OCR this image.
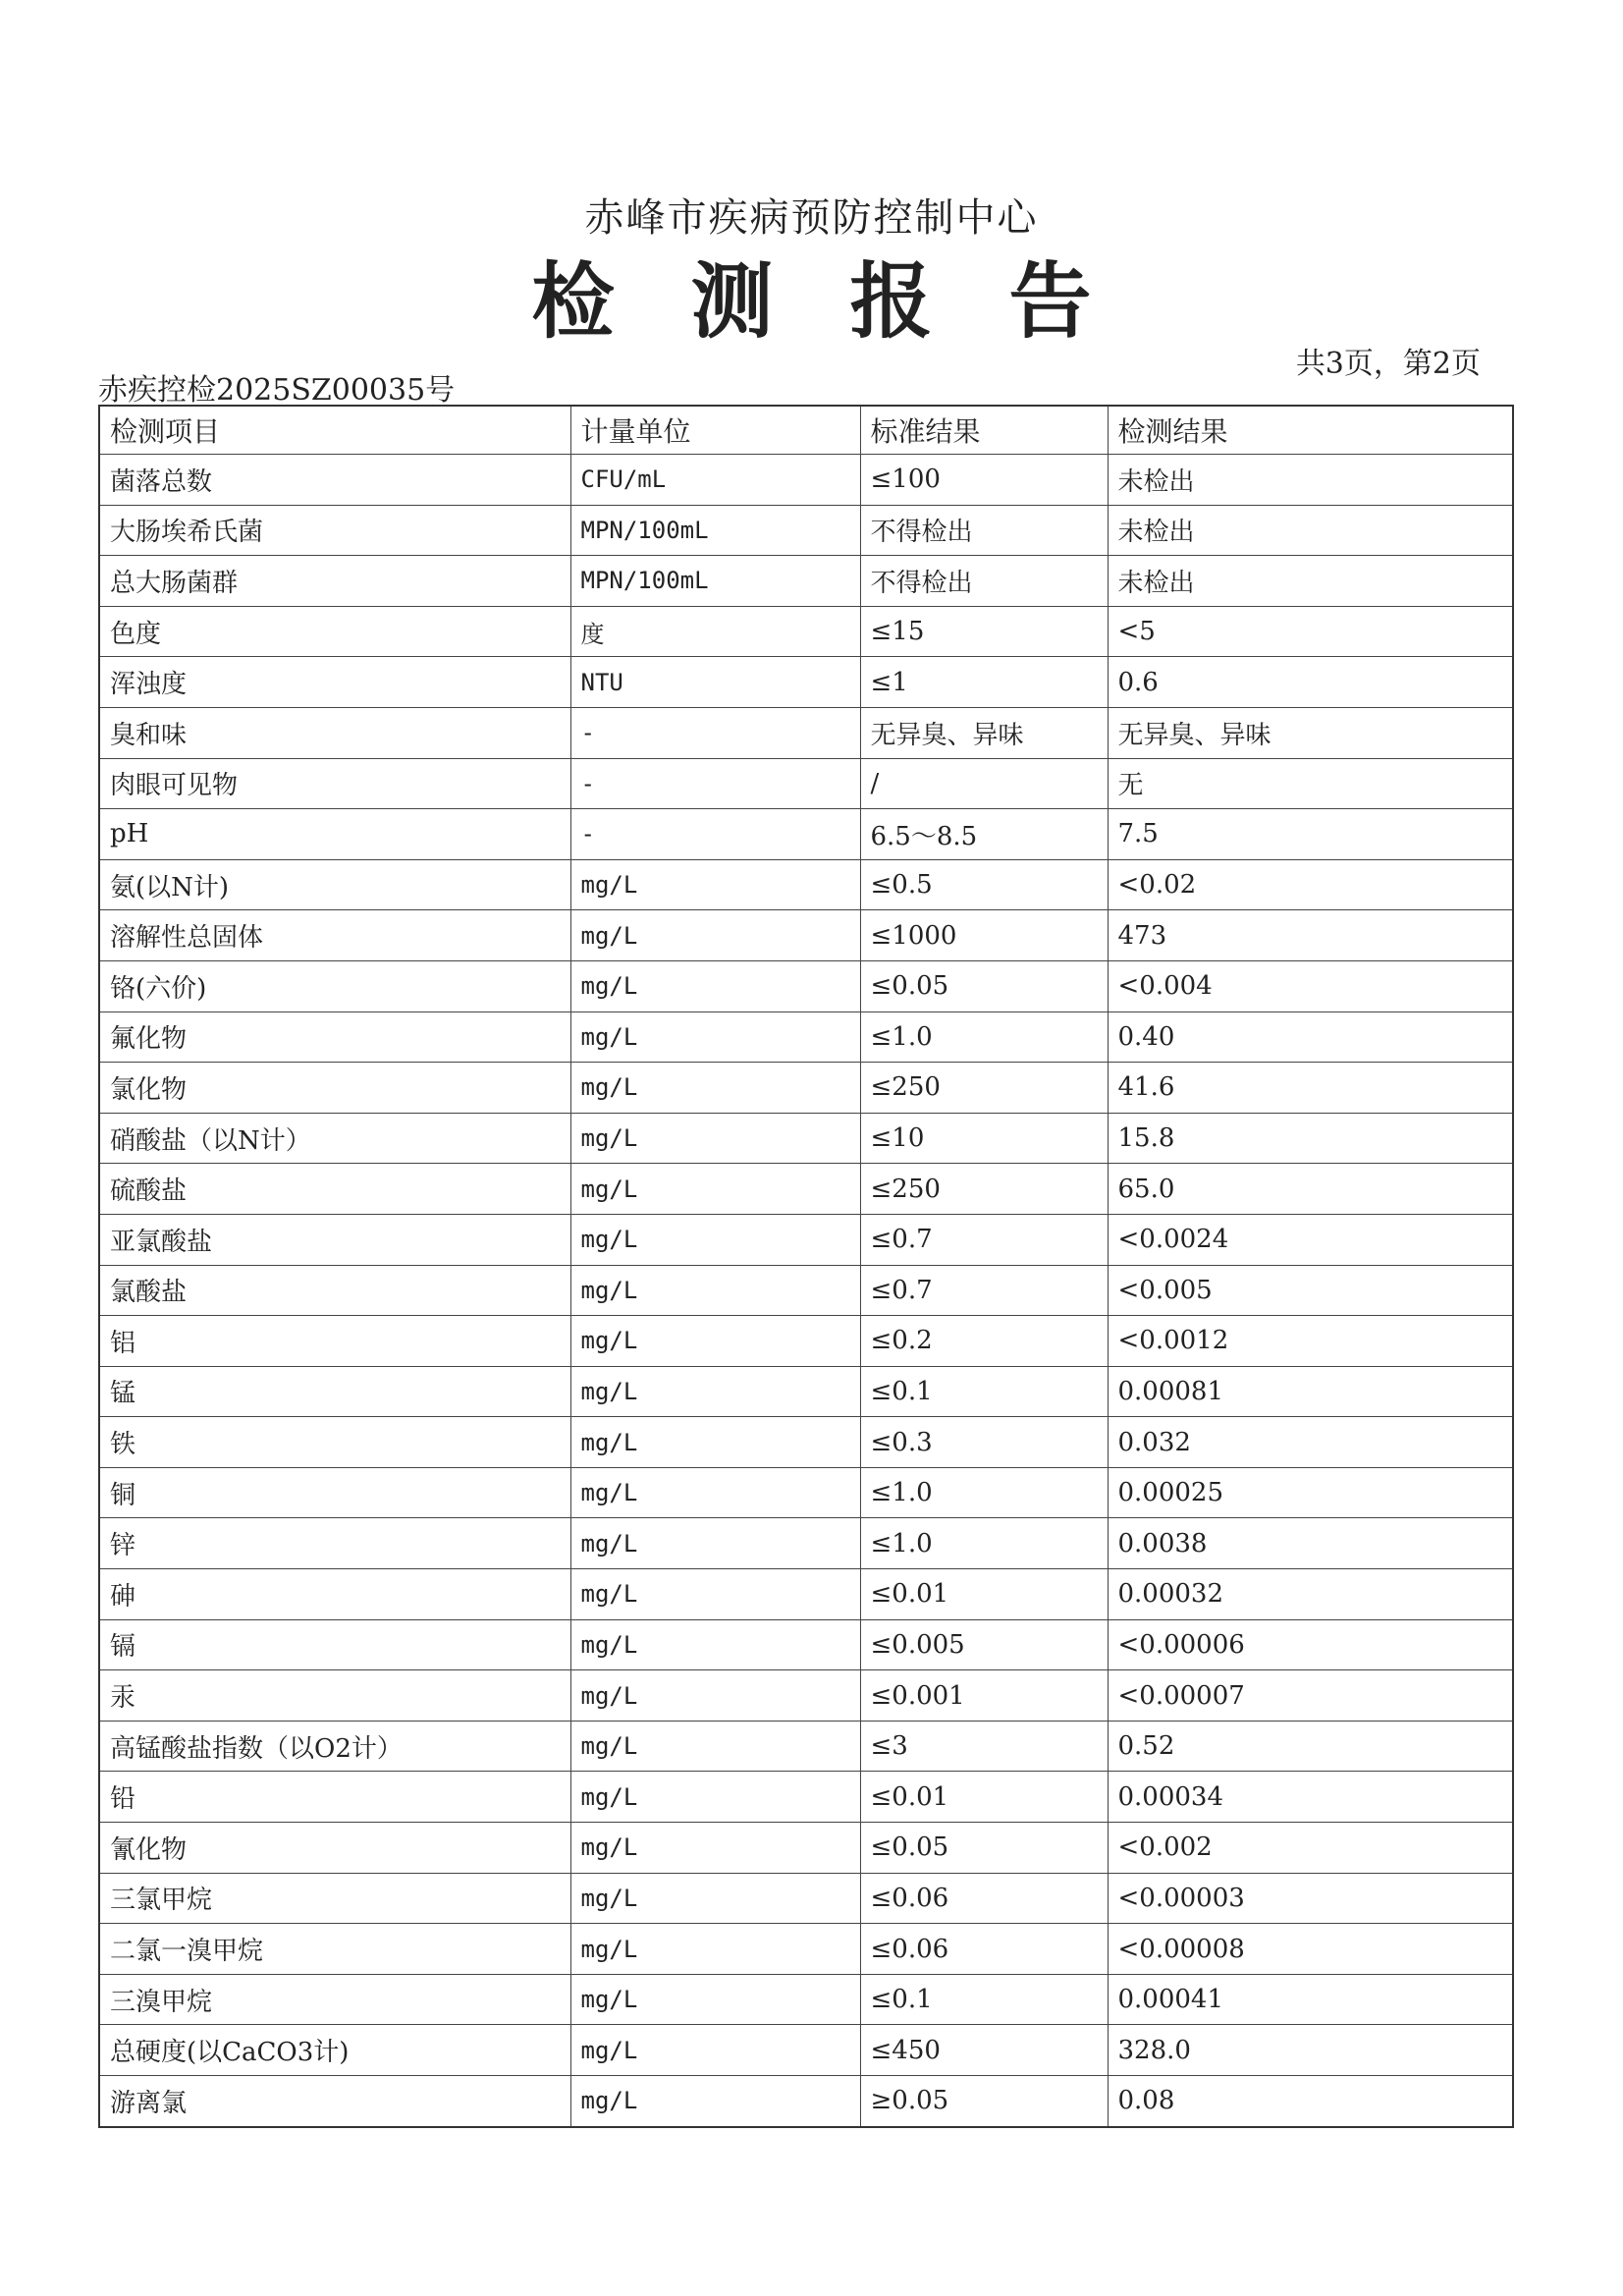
赤峰市疾病预防控制中心
检测报告
共3页，第2页
赤疾控检2025SZ00035号
检测项目	计量单位	标准结果	检测结果
菌落总数	CFU/mL	≤100	未检出
大肠埃希氏菌	MPN/100mL	不得检出	未检出
总大肠菌群	MPN/100mL	不得检出	未检出
色度	度	≤15	<5
浑浊度	NTU	≤1	0.6
臭和味	-	无异臭、异味	无异臭、异味
肉眼可见物	-	/	无
pH	-	6.5～8.5	7.5
氨(以N计)	mg/L	≤0.5	<0.02
溶解性总固体	mg/L	≤1000	473
铬(六价)	mg/L	≤0.05	<0.004
氟化物	mg/L	≤1.0	0.40
氯化物	mg/L	≤250	41.6
硝酸盐（以N计）	mg/L	≤10	15.8
硫酸盐	mg/L	≤250	65.0
亚氯酸盐	mg/L	≤0.7	<0.0024
氯酸盐	mg/L	≤0.7	<0.005
铝	mg/L	≤0.2	<0.0012
锰	mg/L	≤0.1	0.00081
铁	mg/L	≤0.3	0.032
铜	mg/L	≤1.0	0.00025
锌	mg/L	≤1.0	0.0038
砷	mg/L	≤0.01	0.00032
镉	mg/L	≤0.005	<0.00006
汞	mg/L	≤0.001	<0.00007
高锰酸盐指数（以O2计）	mg/L	≤3	0.52
铅	mg/L	≤0.01	0.00034
氰化物	mg/L	≤0.05	<0.002
三氯甲烷	mg/L	≤0.06	<0.00003
二氯一溴甲烷	mg/L	≤0.06	<0.00008
三溴甲烷	mg/L	≤0.1	0.00041
总硬度(以CaCO3计)	mg/L	≤450	328.0
游离氯	mg/L	≥0.05	0.08
